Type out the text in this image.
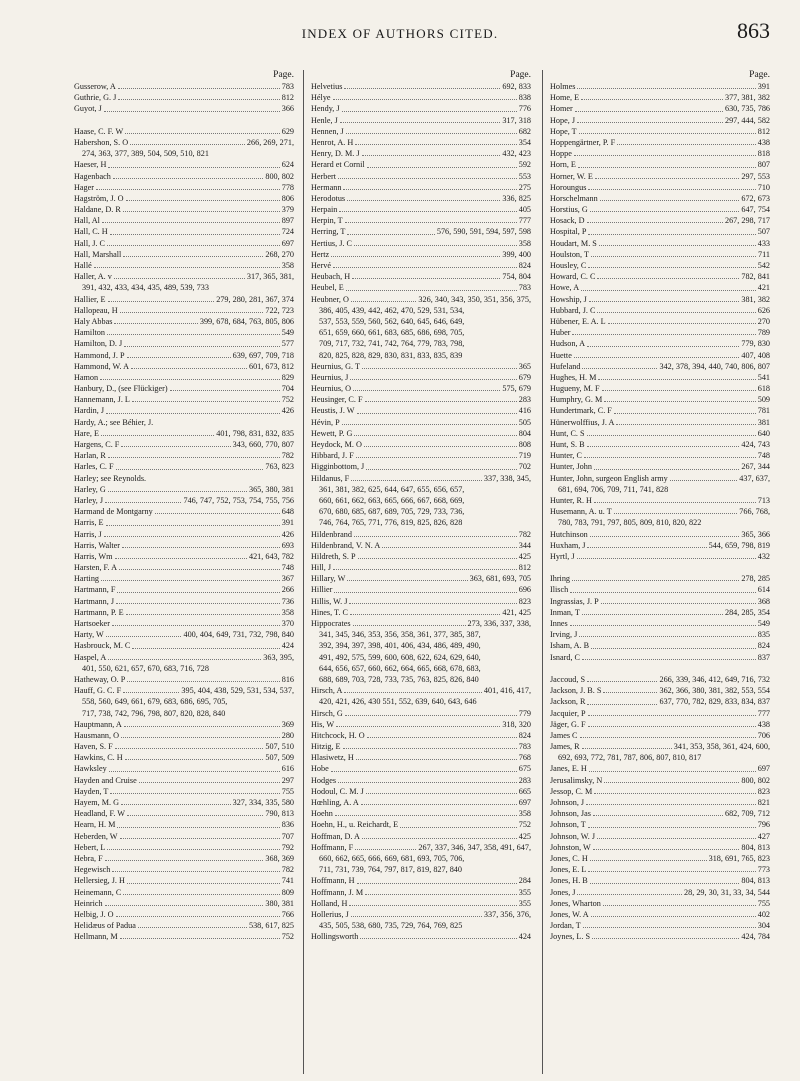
INDEX OF AUTHORS CITED.	863
Page.
Gusserow, A	783
Guthrie, G. J	812
Guyot, J	366
Haase, C. F. W	629
Habershon, S. O	266, 269, 271,
274, 363, 377, 389, 504, 509, 510, 821
Haeser, H	624
Hagenbach	800, 802
Hager	778
Hagström, J. O	806
Haldane, D. R	379
Hall, Al	897
Hall, C. H	724
Hall, J. C	697
Hall, Marshall	268, 270
Hallé	358
Haller, A. v	317, 365, 381,
391, 432, 433, 434, 435, 489, 539, 733
Hallier, E	279, 280, 281, 367, 374
Hallopeau, H	722, 723
Haly Abbas	399, 678, 684, 763, 805, 806
Hamilton	549
Hamilton, D. J	577
Hammond, J. P	639, 697, 709, 718
Hammond, W. A	601, 673, 812
Hamon	829
Hanbury, D., (see Flückiger)	704
Hannemann, J. L	752
Hardin, J	426
Hardy, A.; see Béhier, J.
Hare, E	401, 798, 831, 832, 835
Hargens, C. F	343, 660, 770, 807
Harlan, R	782
Harles, C. F	763, 823
Harley; see Reynolds.
Harley, G	365, 380, 381
Harley, J	746, 747, 752, 753, 754, 755, 756
Harmand de Montgarny	648
Harris, E	391
Harris, J	426
Harris, Walter	693
Harris, Wm	421, 643, 782
Harsten, F. A	748
Harting	367
Hartmann, F	266
Hartmann, J	736
Hartmann, P. E	358
Hartsoeker	370
Harty, W	400, 404, 649, 731, 732, 798, 840
Hasbrouck, M. C	424
Haspel, A	363, 395,
401, 550, 621, 657, 670, 683, 716, 728
Hatheway, O. P	816
Hauff, G. C. F	395, 404, 438, 529, 531, 534, 537,
558, 560, 649, 661, 679, 683, 686, 695, 705,
717, 738, 742, 796, 798, 807, 820, 828, 840
Hauptmann, A	369
Hausmann, O	280
Haven, S. F	507, 510
Hawkins, C. H	507, 509
Hawksley	616
Hayden and Cruise	297
Hayden, T	755
Hayem, M. G	327, 334, 335, 580
Headland, F. W	790, 813
Hearn, H. M	836
Heberden, W	707
Hebert, L	792
Hebra, F	368, 369
Hegewisch	782
Hellersieg, J. H	741
Heinemann, C	809
Heinrich	380, 381
Helbig, J. O	766
Helidæus of Padua	538, 617, 825
Hellmann, M	752
Page.
Helvetius	692, 833
Hélye	838
Hendy, J	776
Henle, J	317, 318
Hennen, J	682
Henrot, A. H	354
Henry, D. M. J	432, 423
Herard et Cornil	592
Herbert	553
Hermann	275
Herodotus	336, 825
Herpain	405
Herpin, T	777
Herring, T	576, 590, 591, 594, 597, 598
Hertius, J. C	358
Hertz	399, 400
Hervé	824
Heubach, H	754, 804
Heubel, E	783
Heubner, O	326, 340, 343, 350, 351, 356, 375,
386, 405, 439, 442, 462, 470, 529, 531, 534,
537, 553, 559, 560, 562, 640, 645, 646, 649,
651, 659, 660, 661, 683, 685, 686, 698, 705,
709, 717, 732, 741, 742, 764, 779, 783, 798,
820, 825, 828, 829, 830, 831, 833, 835, 839
Heurnius, G. T	365
Heurnius, J	679
Heurnius, O	575, 679
Heusinger, C. F	283
Heustis, J. W	416
Hévin, P	505
Hewett, P. G	804
Heydock, M. O	808
Hibbard, J. F	719
Higginbottom, J	702
Hildanus, F	337, 338, 345,
361, 381, 382, 625, 644, 647, 655, 656, 657,
660, 661, 662, 663, 665, 666, 667, 668, 669,
670, 680, 685, 687, 689, 705, 729, 733, 736,
746, 764, 765, 771, 776, 819, 825, 826, 828
Hildenbrand	782
Hildenbrand, V. N. A	344
Hildreth, S. P	425
Hill, J	812
Hillary, W	363, 681, 693, 705
Hillier	696
Hillis, W. J	823
Hines, T. C	421, 425
Hippocrates	273, 336, 337, 338,
341, 345, 346, 353, 356, 358, 361, 377, 385, 387,
392, 394, 397, 398, 401, 406, 434, 486, 489, 490,
491, 492, 575, 599, 600, 608, 622, 624, 629, 640,
644, 656, 657, 660, 662, 664, 665, 668, 678, 683,
688, 689, 703, 728, 733, 735, 763, 825, 826, 840
Hirsch, A	401, 416, 417,
420, 421, 426, 430 551, 552, 639, 640, 643, 646
Hirsch, G	779
His, W	318, 320
Hitchcock, H. O	824
Hitzig, E	783
Hlasiwetz, H	768
Hobe	675
Hodges	283
Hodoul, C. M. J	665
Hœhling, A. A	697
Hoehn	358
Hoehn, H., u. Reichardt, E	752
Hoffman, D. A	425
Hoffmann, F	267, 337, 346, 347, 358, 491, 647,
660, 662, 665, 666, 669, 681, 693, 705, 706,
711, 731, 739, 764, 797, 817, 819, 827, 840
Hoffmann, H	284
Hoffmann, J. M	355
Holland, H	355
Hollerius, J	337, 356, 376,
435, 505, 538, 680, 735, 729, 764, 769, 825
Hollingsworth	424
Page.
Holmes	391
Home, E	377, 381, 382
Homer	630, 735, 786
Hope, J	297, 444, 582
Hope, T	812
Hoppengärtner, P. F	438
Hoppe	818
Horn, E	807
Horner, W. E	297, 553
Horoungus	710
Horschelmann	672, 673
Horstius, G	647, 754
Hosack, D	267, 298, 717
Hospital, P	507
Houdart, M. S	433
Houlston, T	711
Housley, C	542
Howard, C. C	782, 841
Howe, A	421
Howship, J	381, 382
Hubbard, J. C	626
Hübener, E. A. L	270
Huber	789
Hudson, A	779, 830
Huette	407, 408
Hufeland	342, 378, 394, 440, 740, 806, 807
Hughes, H. M	541
Hugueny, M. F	618
Humphry, G. M	509
Hundertmark, C. F	781
Hünerwolffius, J. A	381
Hunt, C. S	640
Hunt, S. B	424, 743
Hunter, C	748
Hunter, John	267, 344
Hunter, John, surgeon English army	437, 637,
681, 694, 706, 709, 711, 741, 828
Hunter, R. H	713
Husemann, A. u. T	766, 768,
780, 783, 791, 797, 805, 809, 810, 820, 822
Hutchinson	365, 366
Huxham, J	544, 659, 798, 819
Hyrtl, J	432
Ihring	278, 285
Ilisch	614
Ingrassias, J. P	368
Inman, T	284, 285, 354
Innes	549
Irving, J	835
Isham, A. B	824
Isnard, C	837
Jaccoud, S	266, 339, 346, 412, 649, 716, 732
Jackson, J. B. S	362, 366, 380, 381, 382, 553, 554
Jackson, R	637, 770, 782, 829, 833, 834, 837
Jacquier, P	777
Jäger, G. F	438
James C	706
James, R	341, 353, 358, 361, 424, 600,
692, 693, 772, 781, 787, 806, 807, 810, 817
Janes, E. H	697
Jerusalimsky, N	800, 802
Jessop, C. M	823
Johnson, J	821
Johnson, Jas	682, 709, 712
Johnson, T	796
Johnson, W. J	427
Johnston, W	804, 813
Jones, C. H	318, 691, 765, 823
Jones, E. L	773
Jones, H. B	804, 813
Jones, J	28, 29, 30, 31, 33, 34, 544
Jones, Wharton	755
Jones, W. A	402
Jordan, T	304
Joynes, L. S	424, 784
